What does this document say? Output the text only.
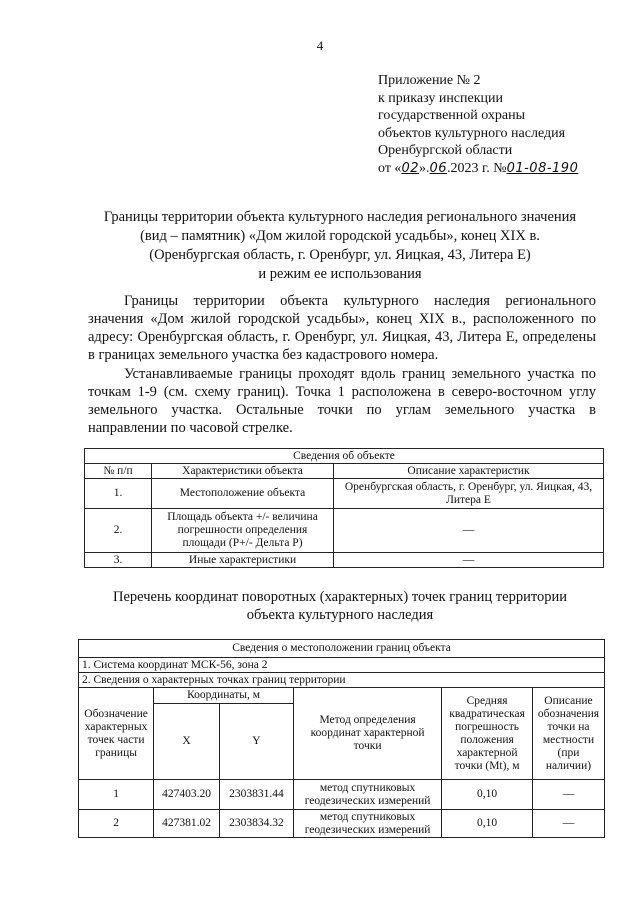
4
Приложение № 2
к приказу инспекции
государственной охраны
объектов культурного наследия
Оренбургской области
от «02».06.2023 г. №01-08-190
Границы территории объекта культурного наследия регионального значения
(вид – памятник) «Дом жилой городской усадьбы», конец XIX в.
(Оренбургская область, г. Оренбург, ул. Яицкая, 43, Литера Е)
и режим ее использования

Границы территории объекта культурного наследия регионального значения «Дом жилой городской усадьбы», конец XIX в., расположенного по адресу: Оренбургская область, г. Оренбург, ул. Яицкая, 43, Литера Е, определены в границах земельного участка без кадастрового номера.

Устанавливаемые границы проходят вдоль границ земельного участка по точкам 1-9 (см. схему границ). Точка 1 расположена в северо-восточном углу земельного участка. Остальные точки по углам земельного участка в направлении по часовой стрелке.

Сведения об объекте		
№ п/п	Характеристики объекта	Описание характеристик
1.	Местоположение объекта	Оренбургская область, г. Оренбург, ул. Яицкая, 43, Литера Е
2.	Площадь объекта +/- величина погрешности определения площади (Р+/- Дельта Р)	—
3.	Иные характеристики	—
Перечень координат поворотных (характерных) точек границ территории
объекта культурного наследия
Сведения о местоположении границ объекта					
1. Система координат МСК-56, зона 2					
2. Сведения о характерных точках границ территории					
Обозначение характерных точек части границы	Координаты, м		Метод определения координат характерной точки	Средняя квадратическая погрешность положения характерной точки (Mt), м	Описание обозначения точки на местности (при наличии)
	X	Y			
1	427403.20	2303831.44	метод спутниковых геодезических измерений	0,10	—
2	427381.02	2303834.32	метод спутниковых геодезических измерений	0,10	—
